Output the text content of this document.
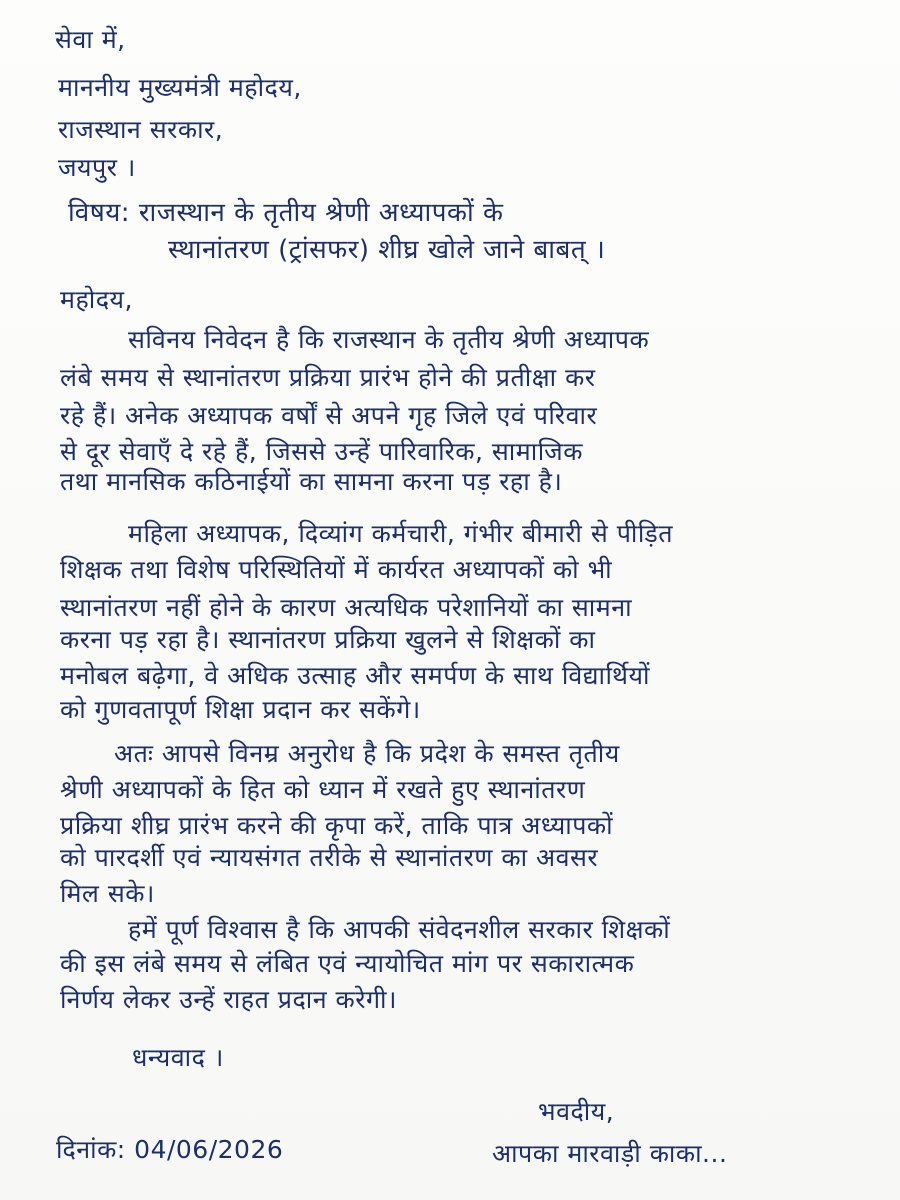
सेवा में,
माननीय मुख्यमंत्री महोदय,
राजस्थान सरकार,
जयपुर ।
विषय: राजस्थान के तृतीय श्रेणी अध्यापकों के
स्थानांतरण (ट्रांसफर) शीघ्र खोले जाने बाबत् ।
महोदय,
सविनय निवेदन है कि राजस्थान के तृतीय श्रेणी अध्यापक
लंबे समय से स्थानांतरण प्रक्रिया प्रारंभ होने की प्रतीक्षा कर
रहे हैं। अनेक अध्यापक वर्षों से अपने गृह जिले एवं परिवार
से दूर सेवाएँ दे रहे हैं, जिससे उन्हें पारिवारिक, सामाजिक
तथा मानसिक कठिनाईयों का सामना करना पड़ रहा है।
महिला अध्यापक, दिव्यांग कर्मचारी, गंभीर बीमारी से पीड़ित
शिक्षक तथा विशेष परिस्थितियों में कार्यरत अध्यापकों को भी
स्थानांतरण नहीं होने के कारण अत्यधिक परेशानियों का सामना
करना पड़ रहा है। स्थानांतरण प्रक्रिया खुलने से शिक्षकों का
मनोबल बढ़ेगा, वे अधिक उत्साह और समर्पण के साथ विद्यार्थियों
को गुणवतापूर्ण शिक्षा प्रदान कर सकेंगे।
अतः आपसे विनम्र अनुरोध है कि प्रदेश के समस्त तृतीय
श्रेणी अध्यापकों के हित को ध्यान में रखते हुए स्थानांतरण
प्रक्रिया शीघ्र प्रारंभ करने की कृपा करें, ताकि पात्र अध्यापकों
को पारदर्शी एवं न्यायसंगत तरीके से स्थानांतरण का अवसर
मिल सके।
हमें पूर्ण विश्वास है कि आपकी संवेदनशील सरकार शिक्षकों
की इस लंबे समय से लंबित एवं न्यायोचित मांग पर सकारात्मक
निर्णय लेकर उन्हें राहत प्रदान करेगी।
धन्यवाद ।
भवदीय,
दिनांक: 04/06/2026	आपका मारवाड़ी काका...
